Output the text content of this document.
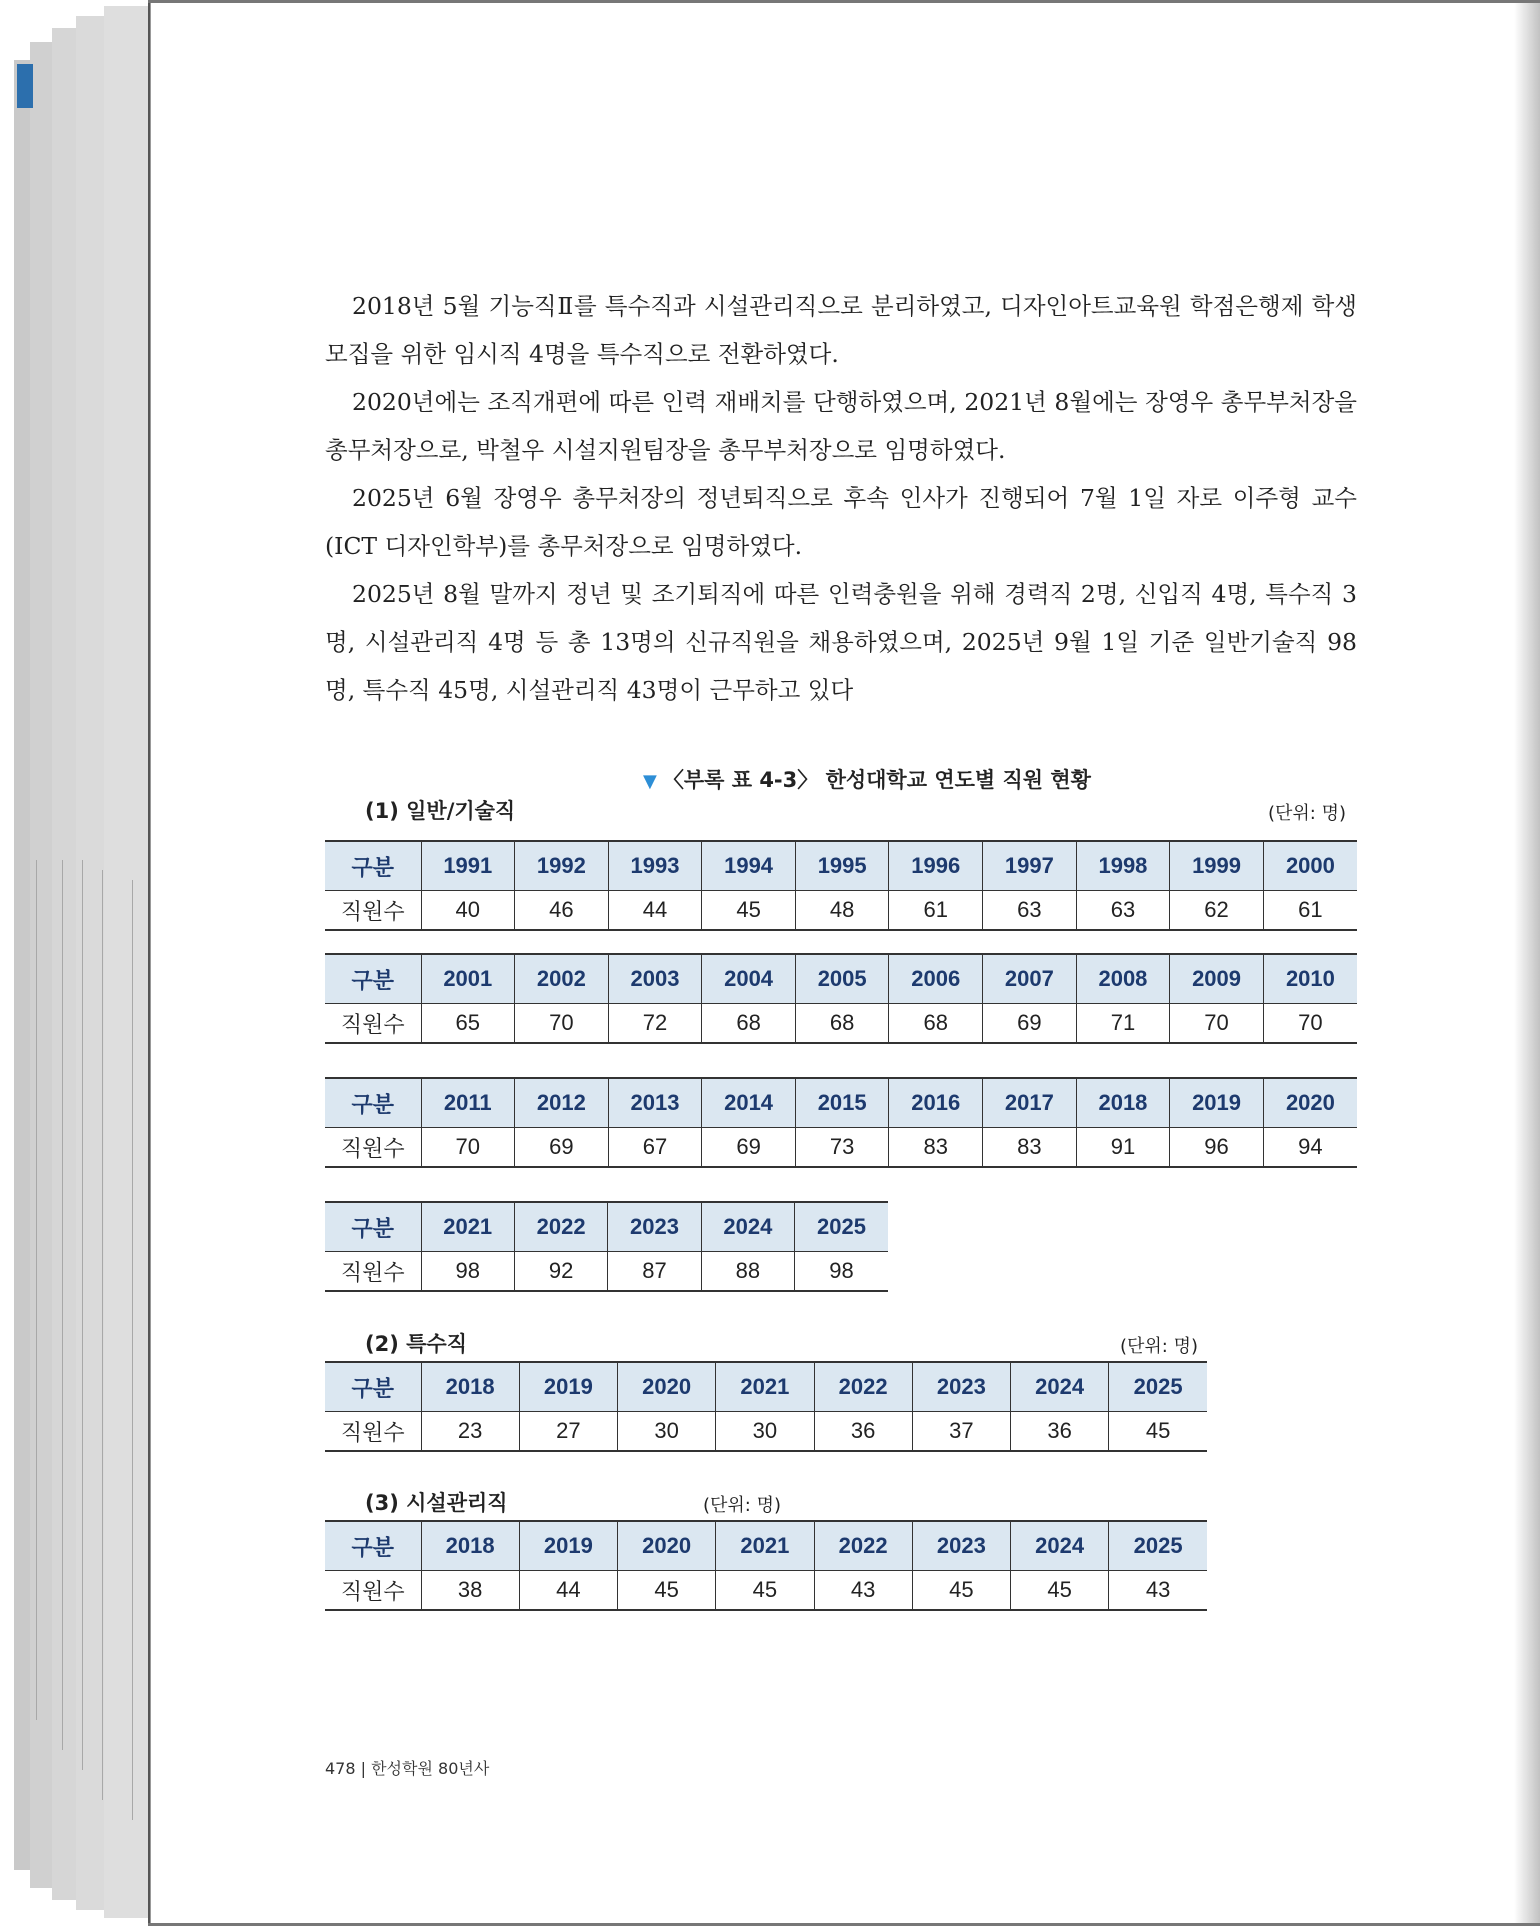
2018년 5월 기능직Ⅱ를 특수직과 시설관리직으로 분리하였고, 디자인아트교육원 학점은행제 학생 모집을 위한 임시직 4명을 특수직으로 전환하였다.

2020년에는 조직개편에 따른 인력 재배치를 단행하였으며, 2021년 8월에는 장영우 총무부처장을 총무처장으로, 박철우 시설지원팀장을 총무부처장으로 임명하였다.

2025년 6월 장영우 총무처장의 정년퇴직으로 후속 인사가 진행되어 7월 1일 자로 이주형 교수(ICT 디자인학부)를 총무처장으로 임명하였다.

2025년 8월 말까지 정년 및 조기퇴직에 따른 인력충원을 위해 경력직 2명, 신입직 4명, 특수직 3명, 시설관리직 4명 등 총 13명의 신규직원을 채용하였으며, 2025년 9월 1일 기준 일반기술직 98명, 특수직 45명, 시설관리직 43명이 근무하고 있다

▼ 〈부록 표 4-3〉 한성대학교 연도별 직원 현황
(1) 일반/기술직	(단위: 명)
구분	1991	1992	1993	1994	1995	1996	1997	1998	1999	2000
직원수	40	46	44	45	48	61	63	63	62	61
구분	2001	2002	2003	2004	2005	2006	2007	2008	2009	2010
직원수	65	70	72	68	68	68	69	71	70	70
구분	2011	2012	2013	2014	2015	2016	2017	2018	2019	2020
직원수	70	69	67	69	73	83	83	91	96	94
구분	2021	2022	2023	2024	2025
직원수	98	92	87	88	98
(2) 특수직	(단위: 명)
구분	2018	2019	2020	2021	2022	2023	2024	2025
직원수	23	27	30	30	36	37	36	45
(3) 시설관리직	(단위: 명)
구분	2018	2019	2020	2021	2022	2023	2024	2025
직원수	38	44	45	45	43	45	45	43
478 | 한성학원 80년사
